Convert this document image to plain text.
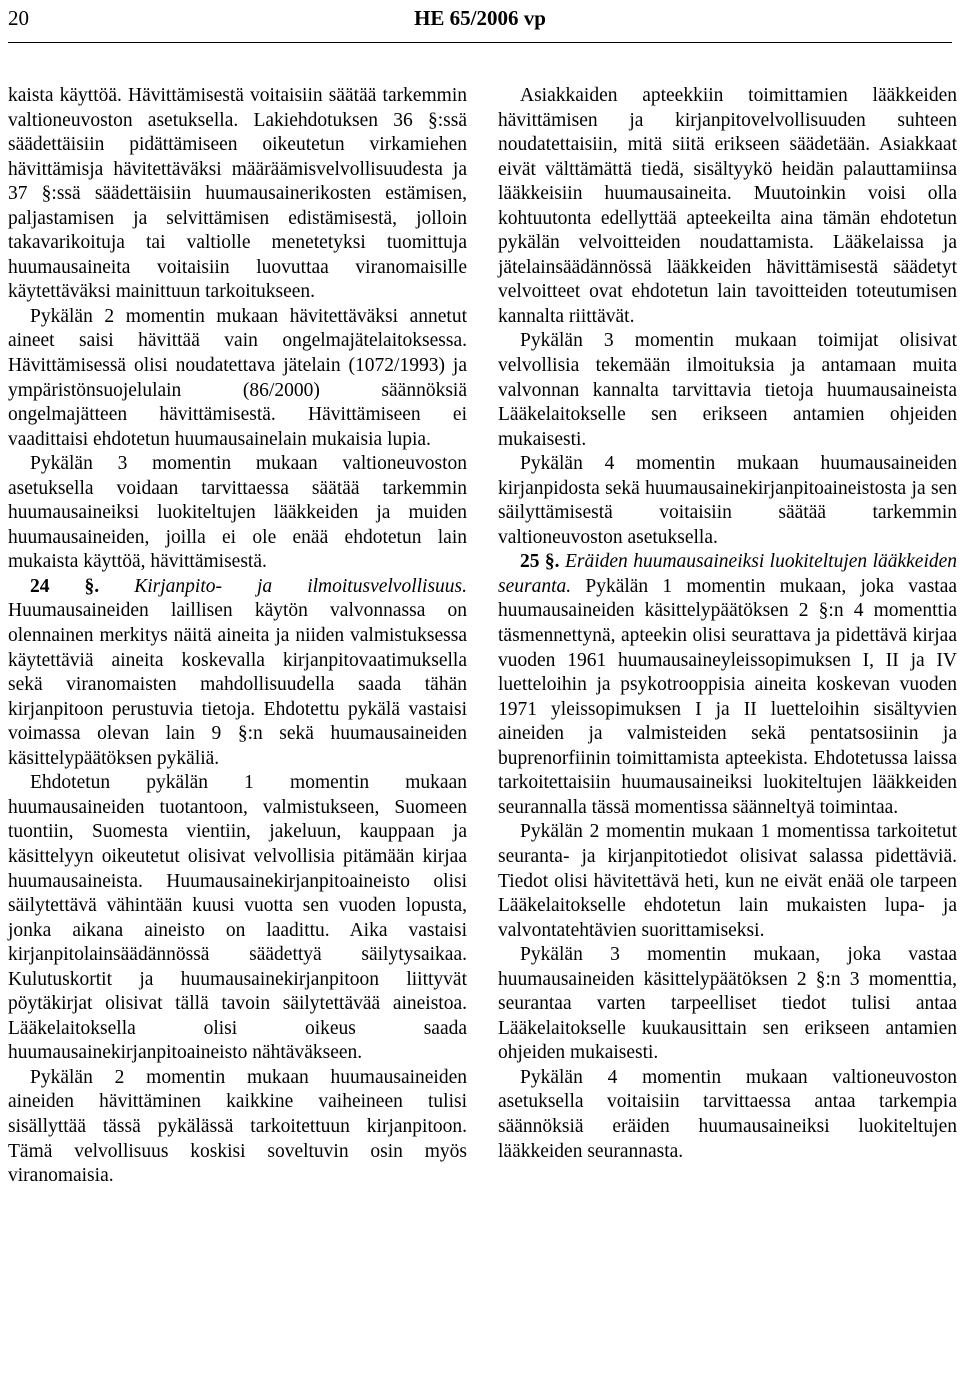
20	HE 65/2006 vp

kaista käyttöä. Hävittämisestä voitaisiin säätää tarkemmin valtioneuvoston asetuksella. Lakiehdotuksen 36 §:ssä säädettäisiin pidättämiseen oikeutetun virkamiehen hävittämisja hävitettäväksi määräämisvelvollisuudesta ja 37 §:ssä säädettäisiin huumausainerikosten estämisen, paljastamisen ja selvittämisen edistämisestä, jolloin takavarikoituja tai valtiolle menetetyksi tuomittuja huumausaineita voitaisiin luovuttaa viranomaisille käytettäväksi mainittuun tarkoitukseen.

Pykälän 2 momentin mukaan hävitettäväksi annetut aineet saisi hävittää vain ongelmajätelaitoksessa. Hävittämisessä olisi noudatettava jätelain (1072/1993) ja ympäristönsuojelulain (86/2000) säännöksiä ongelmajätteen hävittämisestä. Hävittämiseen ei vaadittaisi ehdotetun huumausainelain mukaisia lupia.

Pykälän 3 momentin mukaan valtioneuvoston asetuksella voidaan tarvittaessa säätää tarkemmin huumausaineiksi luokiteltujen lääkkeiden ja muiden huumausaineiden, joilla ei ole enää ehdotetun lain mukaista käyttöä, hävittämisestä.

24 §. Kirjanpito- ja ilmoitusvelvollisuus. Huumausaineiden laillisen käytön valvonnassa on olennainen merkitys näitä aineita ja niiden valmistuksessa käytettäviä aineita koskevalla kirjanpitovaatimuksella sekä viranomaisten mahdollisuudella saada tähän kirjanpitoon perustuvia tietoja. Ehdotettu pykälä vastaisi voimassa olevan lain 9 §:n sekä huumausaineiden käsittelypäätöksen pykäliä.

Ehdotetun pykälän 1 momentin mukaan huumausaineiden tuotantoon, valmistukseen, Suomeen tuontiin, Suomesta vientiin, jakeluun, kauppaan ja käsittelyyn oikeutetut olisivat velvollisia pitämään kirjaa huumausaineista. Huumausainekirjanpitoaineisto olisi säilytettävä vähintään kuusi vuotta sen vuoden lopusta, jonka aikana aineisto on laadittu. Aika vastaisi kirjanpitolainsäädännössä säädettyä säilytysaikaa. Kulutuskortit ja huumausainekirjanpitoon liittyvät pöytäkirjat olisivat tällä tavoin säilytettävää aineistoa. Lääkelaitoksella olisi oikeus saada huumausainekirjanpitoaineisto nähtäväkseen.

Pykälän 2 momentin mukaan huumausaineiden aineiden hävittäminen kaikkine vaiheineen tulisi sisällyttää tässä pykälässä tarkoitettuun kirjanpitoon. Tämä velvollisuus koskisi soveltuvin osin myös viranomaisia.

Asiakkaiden apteekkiin toimittamien lääkkeiden hävittämisen ja kirjanpitovelvollisuuden suhteen noudatettaisiin, mitä siitä erikseen säädetään. Asiakkaat eivät välttämättä tiedä, sisältyykö heidän palauttamiinsa lääkkeisiin huumausaineita. Muutoinkin voisi olla kohtuutonta edellyttää apteekeilta aina tämän ehdotetun pykälän velvoitteiden noudattamista. Lääkelaissa ja jätelainsäädännössä lääkkeiden hävittämisestä säädetyt velvoitteet ovat ehdotetun lain tavoitteiden toteutumisen kannalta riittävät.

Pykälän 3 momentin mukaan toimijat olisivat velvollisia tekemään ilmoituksia ja antamaan muita valvonnan kannalta tarvittavia tietoja huumausaineista Lääkelaitokselle sen erikseen antamien ohjeiden mukaisesti.

Pykälän 4 momentin mukaan huumausaineiden kirjanpidosta sekä huumausainekirjanpitoaineistosta ja sen säilyttämisestä voitaisiin säätää tarkemmin valtioneuvoston asetuksella.

25 §. Eräiden huumausaineiksi luokiteltujen lääkkeiden seuranta. Pykälän 1 momentin mukaan, joka vastaa huumausaineiden käsittelypäätöksen 2 §:n 4 momenttia täsmennettynä, apteekin olisi seurattava ja pidettävä kirjaa vuoden 1961 huumausaineyleissopimuksen I, II ja IV luetteloihin ja psykotrooppisia aineita koskevan vuoden 1971 yleissopimuksen I ja II luetteloihin sisältyvien aineiden ja valmisteiden sekä pentatsosiinin ja buprenorfiinin toimittamista apteekista. Ehdotetussa laissa tarkoitettaisiin huumausaineiksi luokiteltujen lääkkeiden seurannalla tässä momentissa säänneltyä toimintaa.

Pykälän 2 momentin mukaan 1 momentissa tarkoitetut seuranta- ja kirjanpitotiedot olisivat salassa pidettäviä. Tiedot olisi hävitettävä heti, kun ne eivät enää ole tarpeen Lääkelaitokselle ehdotetun lain mukaisten lupa- ja valvontatehtävien suorittamiseksi.

Pykälän 3 momentin mukaan, joka vastaa huumausaineiden käsittelypäätöksen 2 §:n 3 momenttia, seurantaa varten tarpeelliset tiedot tulisi antaa Lääkelaitokselle kuukausittain sen erikseen antamien ohjeiden mukaisesti.

Pykälän 4 momentin mukaan valtioneuvoston asetuksella voitaisiin tarvittaessa antaa tarkempia säännöksiä eräiden huumausaineiksi luokiteltujen lääkkeiden seurannasta.
